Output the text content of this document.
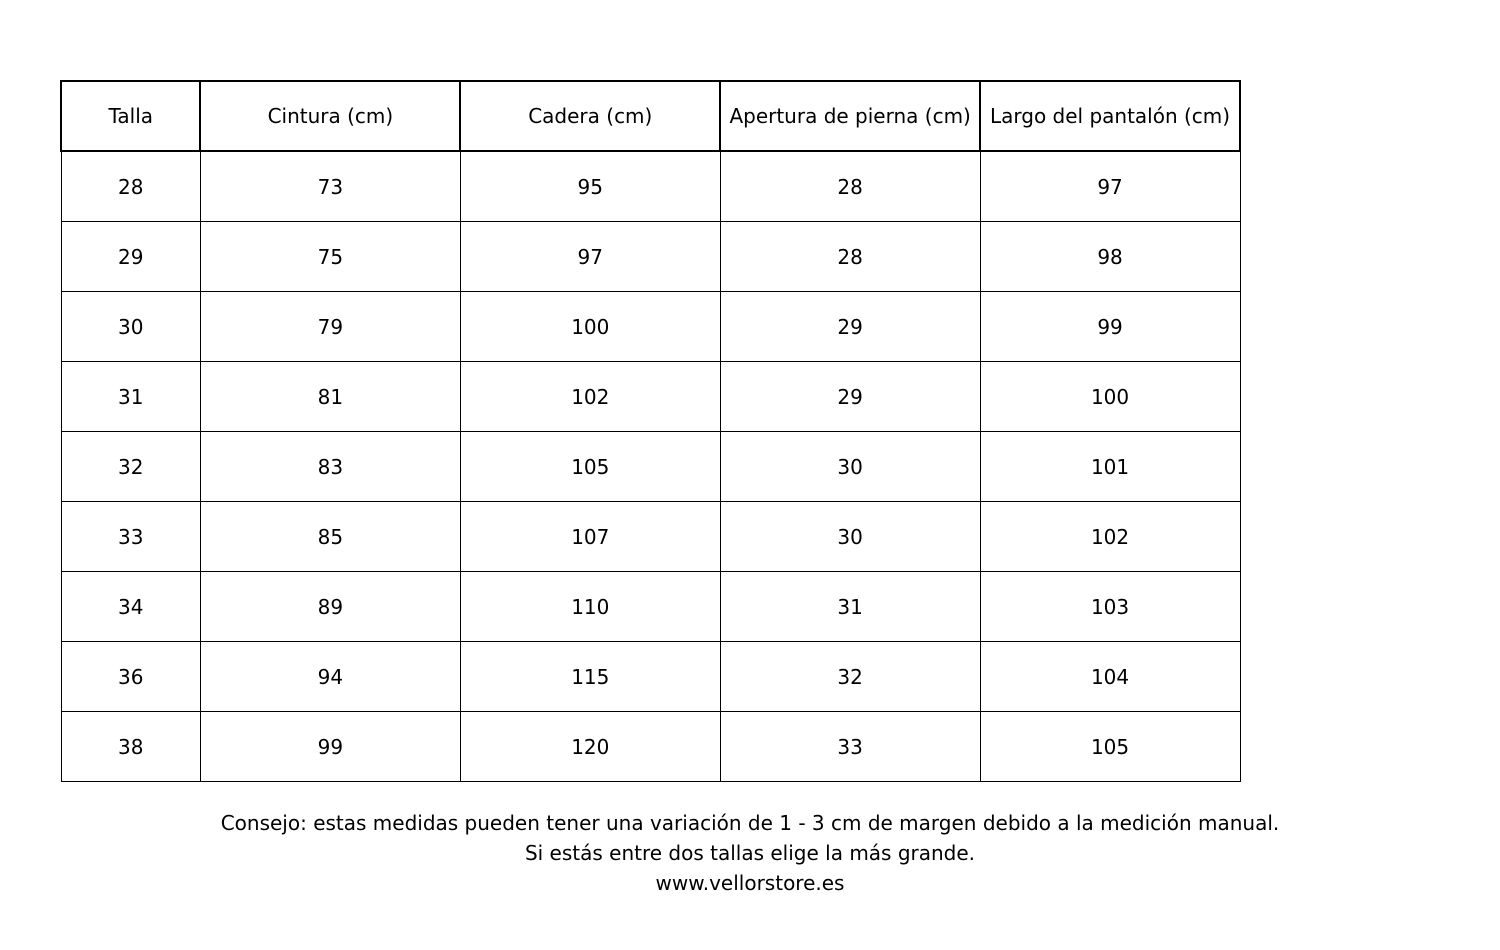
Talla	Cintura (cm)	Cadera (cm)	Apertura de pierna (cm)	Largo del pantalón (cm)
28	73	95	28	97
29	75	97	28	98
30	79	100	29	99
31	81	102	29	100
32	83	105	30	101
33	85	107	30	102
34	89	110	31	103
36	94	115	32	104
38	99	120	33	105
Consejo: estas medidas pueden tener una variación de 1 - 3 cm de margen debido a la medición manual.
Si estás entre dos tallas elige la más grande.
www.vellorstore.es
